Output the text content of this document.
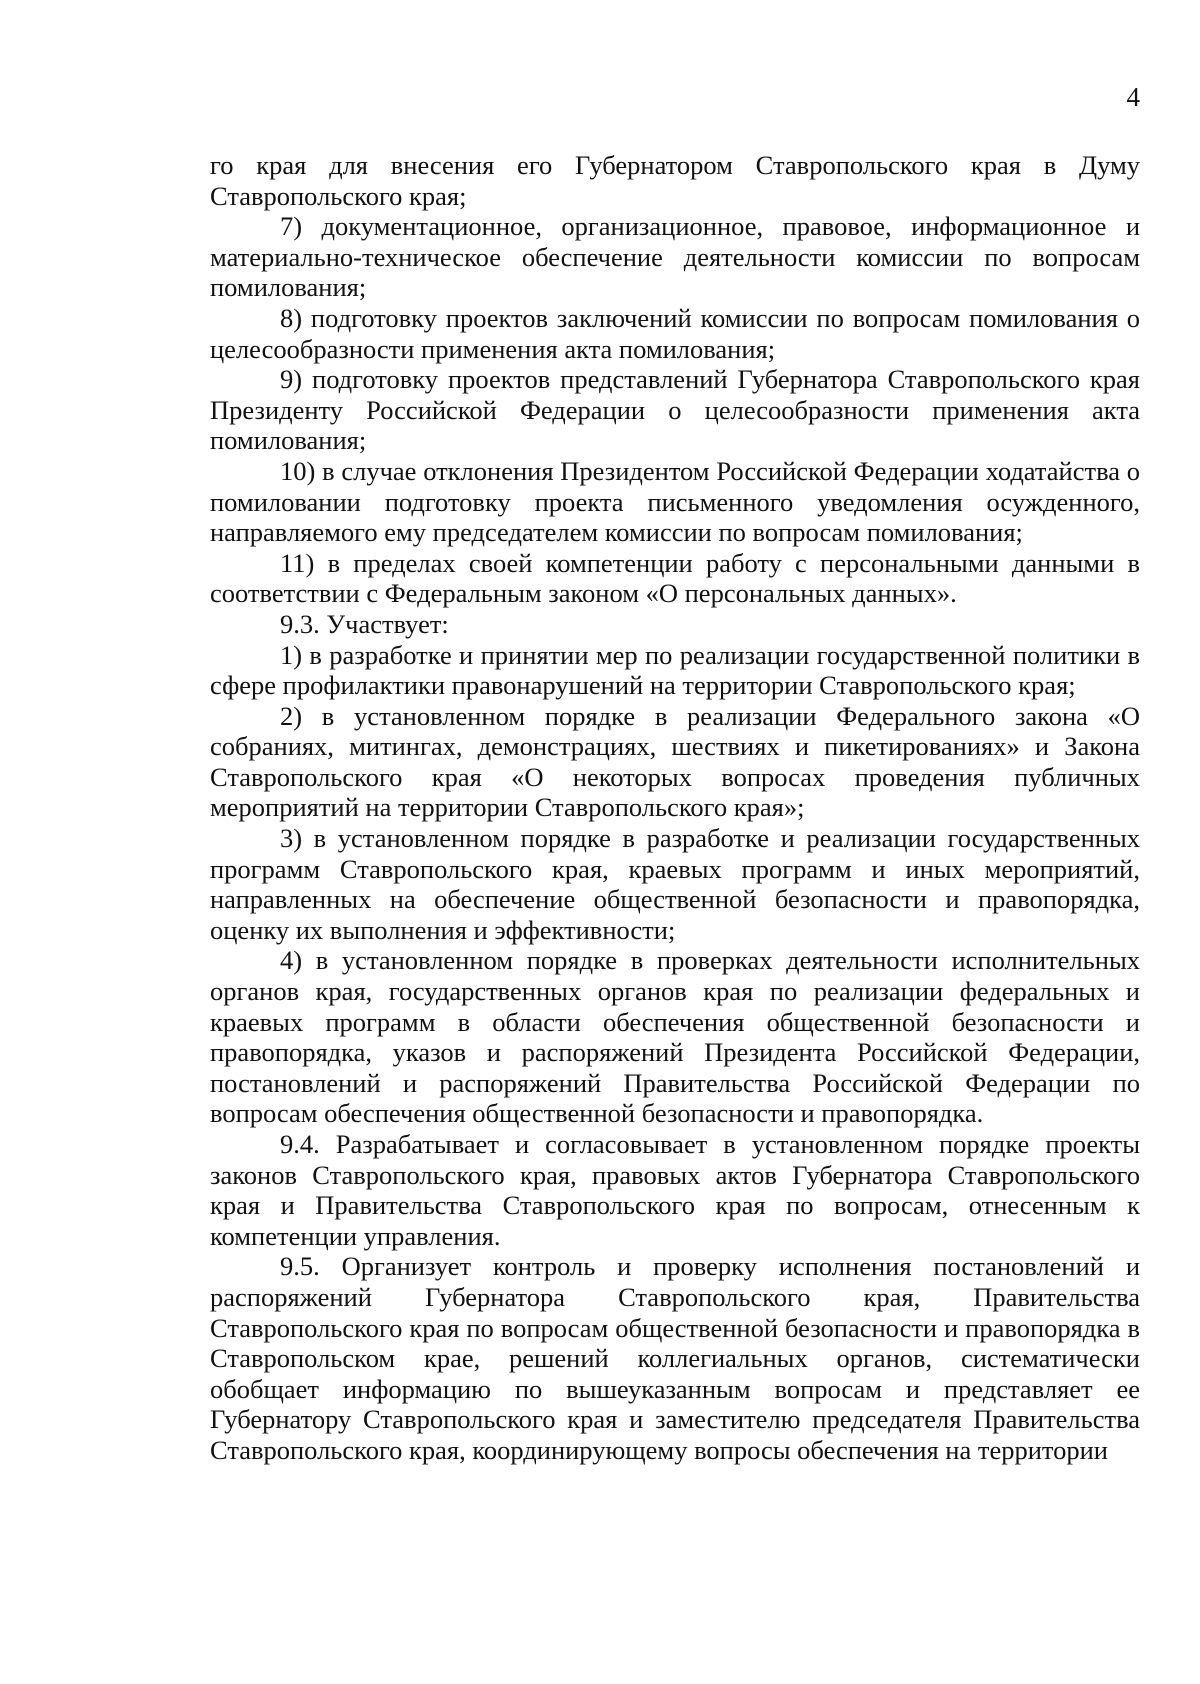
4

го края для внесения его Губернатором Ставропольского края в Думу Ставропольского края;

7) документационное, организационное, правовое, информационное и материально-техническое обеспечение деятельности комиссии по вопросам помилования;

8) подготовку проектов заключений комиссии по вопросам помилования о целесообразности применения акта помилования;

9) подготовку проектов представлений Губернатора Ставропольского края Президенту Российской Федерации о целесообразности применения акта помилования;

10) в случае отклонения Президентом Российской Федерации ходатайства о помиловании подготовку проекта письменного уведомления осужденного, направляемого ему председателем комиссии по вопросам помилования;

11) в пределах своей компетенции работу с персональными данными в соответствии с Федеральным законом «О персональных данных».

9.3. Участвует:

1) в разработке и принятии мер по реализации государственной политики в сфере профилактики правонарушений на территории Ставропольского края;

2) в установленном порядке в реализации Федерального закона «О собраниях, митингах, демонстрациях, шествиях и пикетированиях» и Закона Ставропольского края «О некоторых вопросах проведения публичных мероприятий на территории Ставропольского края»;

3) в установленном порядке в разработке и реализации государственных программ Ставропольского края, краевых программ и иных мероприятий, направленных на обеспечение общественной безопасности и правопорядка, оценку их выполнения и эффективности;

4) в установленном порядке в проверках деятельности исполнительных органов края, государственных органов края по реализации федеральных и краевых программ в области обеспечения общественной безопасности и правопорядка, указов и распоряжений Президента Российской Федерации, постановлений и распоряжений Правительства Российской Федерации по вопросам обеспечения общественной безопасности и правопорядка.

9.4. Разрабатывает и согласовывает в установленном порядке проекты законов Ставропольского края, правовых актов Губернатора Ставропольского края и Правительства Ставропольского края по вопросам, отнесенным к компетенции управления.

9.5. Организует контроль и проверку исполнения постановлений и распоряжений Губернатора Ставропольского края, Правительства Ставропольского края по вопросам общественной безопасности и правопорядка в Ставропольском крае, решений коллегиальных органов, систематически обобщает информацию по вышеуказанным вопросам и представляет ее Губернатору Ставропольского края и заместителю председателя Правительства Ставропольского края, координирующему вопросы обеспечения на территории
